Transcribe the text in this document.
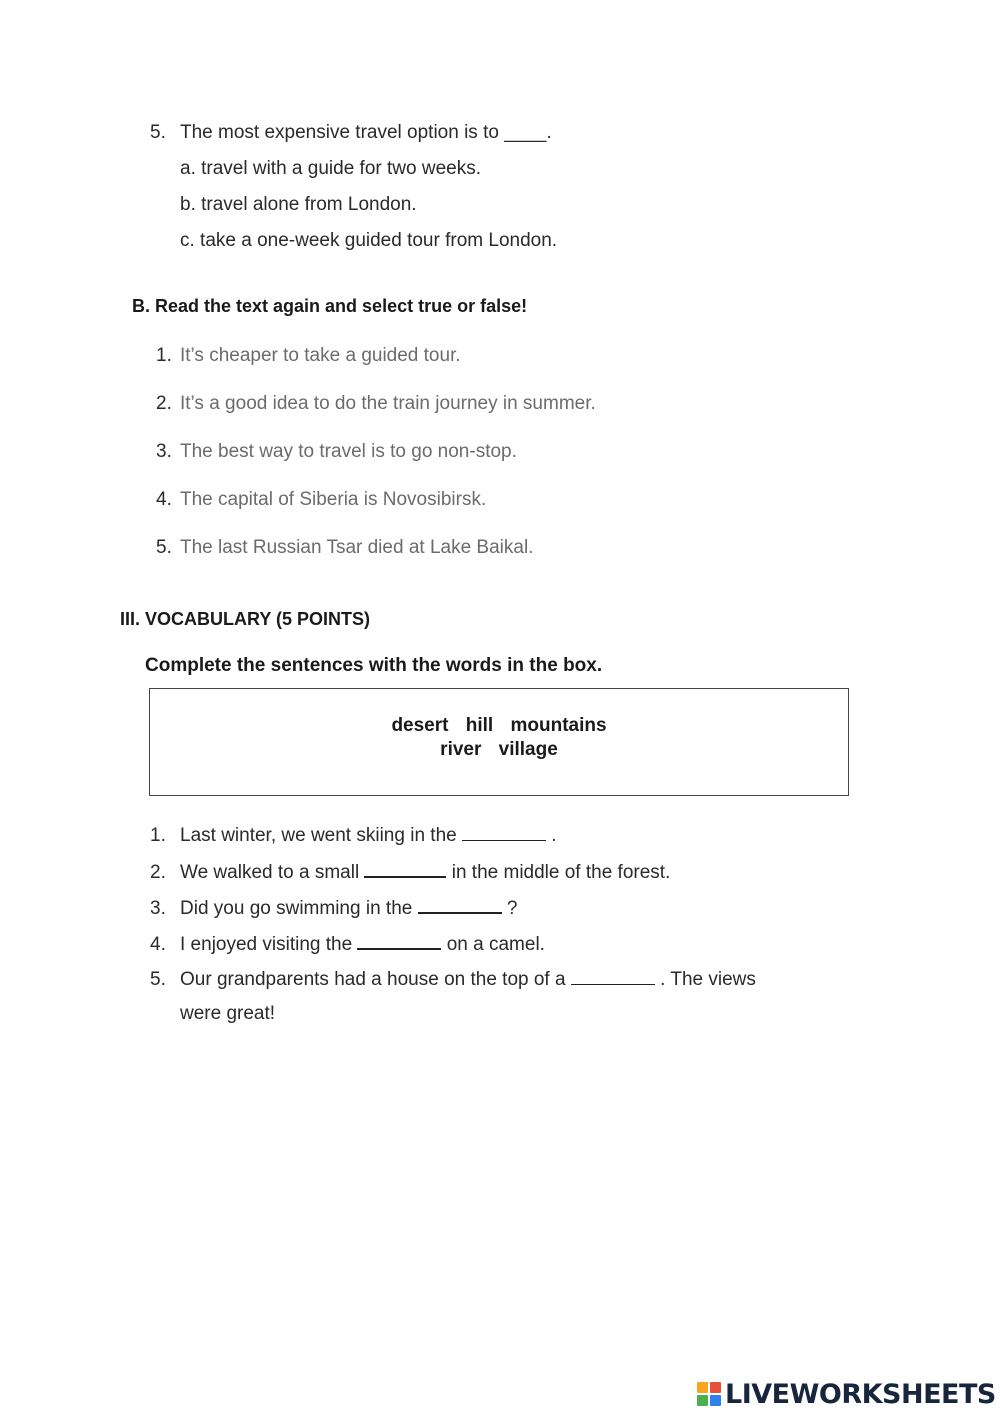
5. The most expensive travel option is to ____.
a. travel with a guide for two weeks.
b. travel alone from London.
c. take a one-week guided tour from London.
B. Read the text again and select true or false!
1. It’s cheaper to take a guided tour.
2. It’s a good idea to do the train journey in summer.
3. The best way to travel is to go non-stop.
4. The capital of Siberia is Novosibirsk.
5. The last Russian Tsar died at Lake Baikal.
III. VOCABULARY (5 POINTS)
Complete the sentences with the words in the box.
desert hill mountains
river village
1. Last winter, we went skiing in the	.
2. We walked to a small	in the middle of the forest.
3. Did you go swimming in the	?
4. I enjoyed visiting the	on a camel.
5. Our grandparents had a house on the top of a	. The views
were great!
LIVEWORKSHEETS
